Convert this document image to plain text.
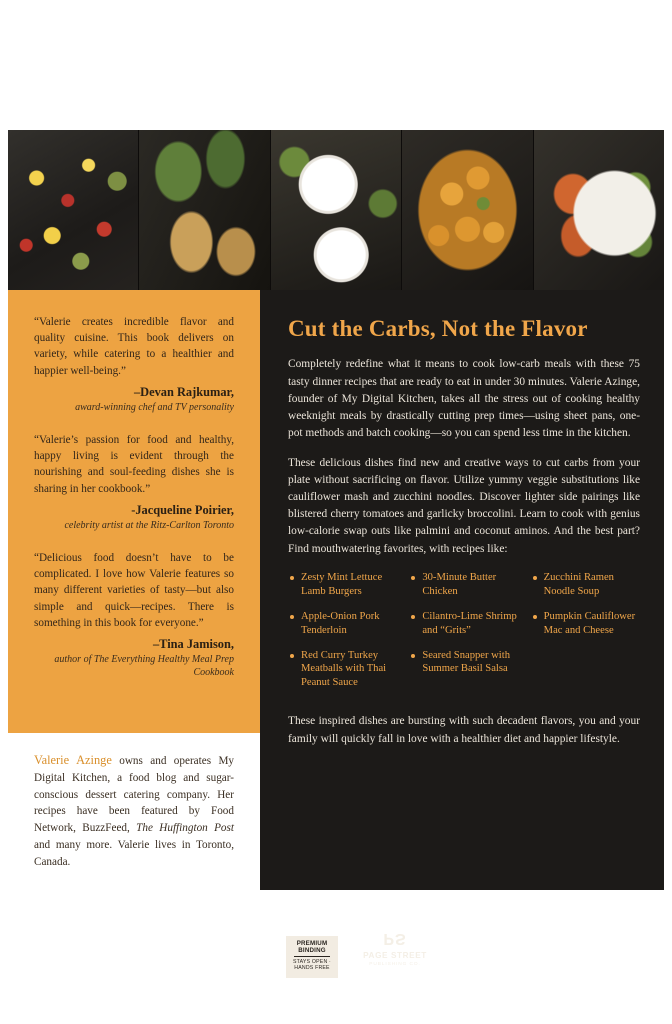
“Valerie creates incredible flavor and quality cuisine. This book delivers on variety, while catering to a healthier and happier well-being.”

–Devan Rajkumar,
award-winning chef and TV personality

“Valerie’s passion for food and healthy, happy living is evident through the nourishing and soul-feeding dishes she is sharing in her cookbook.”

-Jacqueline Poirier,
celebrity artist at the Ritz-Carlton Toronto

“Delicious food doesn’t have to be complicated. I love how Valerie features so many different varieties of tasty—but also simple and quick—recipes. There is something in this book for everyone.”

–Tina Jamison,
author of The Everything Healthy Meal Prep Cookbook

Valerie Azinge owns and operates My Digital Kitchen, a food blog and sugar-conscious dessert catering company. Her recipes have been featured by Food Network, BuzzFeed, The Huffington Post and many more. Valerie lives in Toronto, Canada.

Cut the Carbs, Not the Flavor

Completely redefine what it means to cook low-carb meals with these 75 tasty dinner recipes that are ready to eat in under 30 minutes. Valerie Azinge, founder of My Digital Kitchen, takes all the stress out of cooking healthy weeknight meals by drastically cutting prep times—using sheet pans, one-pot methods and batch cooking—so you can spend less time in the kitchen.

These delicious dishes find new and creative ways to cut carbs from your plate without sacrificing on flavor. Utilize yummy veggie substitutions like cauliflower mash and zucchini noodles. Discover lighter side pairings like blistered cherry tomatoes and garlicky broccolini. Learn to cook with genius low-calorie swap outs like palmini and coconut aminos. And the best part? Find mouthwatering favorites, with recipes like:

Zesty Mint Lettuce Lamb Burgers
Apple-Onion Pork Tenderloin
Red Curry Turkey Meatballs with Thai Peanut Sauce
30-Minute Butter Chicken
Cilantro-Lime Shrimp and “Grits”
Seared Snapper with Summer Basil Salsa
Zucchini Ramen Noodle Soup
Pumpkin Cauliflower Mac and Cheese

These inspired dishes are bursting with such decadent flavors, you and your family will quickly fall in love with a healthier diet and happier lifestyle.

PREMIUM BINDING
STAYS OPEN · HANDS FREE
PS
PAGE STREET
PUBLISHING CO.
